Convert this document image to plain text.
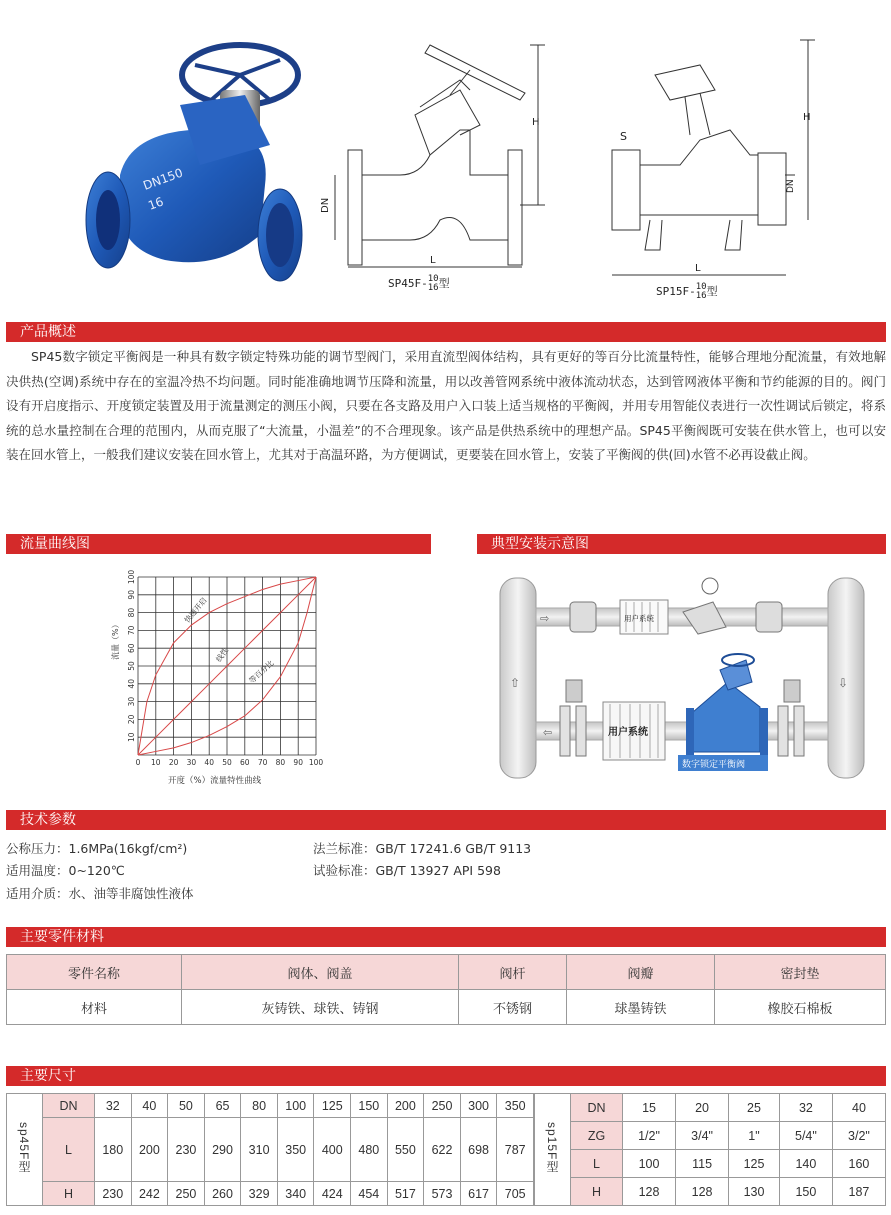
DN150
16
H
DN
L
SP45F-10
16型
H
S
L
DN
SP15F-10
16型
产品概述
SP45数字锁定平衡阀是一种具有数字锁定特殊功能的调节型阀门，采用直流型阀体结构，具有更好的等百分比流量特性，能够合理地分配流量，有效地解决供热(空调)系统中存在的室温冷热不均问题。同时能准确地调节压降和流量，用以改善管网系统中液体流动状态，达到管网液体平衡和节约能源的目的。阀门设有开启度指示、开度锁定装置及用于流量测定的测压小阀，只要在各支路及用户入口装上适当规格的平衡阀，并用专用智能仪表进行一次性调试后锁定，将系统的总水量控制在合理的范围内，从而克服了“大流量，小温差”的不合理现象。该产品是供热系统中的理想产品。SP45平衡阀既可安装在供水管上，也可以安装在回水管上，一般我们建议安装在回水管上，尤其对于高温环路，为方便调试，更要装在回水管上，安装了平衡阀的供(回)水管不必再设截止阀。
流量曲线图
0 10 20 30 40 50 60 70 80 90 100
10
20
30
40
50
60
70
80
90
100
快速开启
线性
等百分比
流量（%）
开度（%）流量特性曲线
典型安装示意图
⇨
⇧	⇩
⇦
用户系统
用户系统
数字锁定平衡阀
技术参数
公称压力：1.6MPa(16kgf/cm²)
适用温度：0~120℃
适用介质：水、油等非腐蚀性液体
法兰标准：GB/T 17241.6 GB/T 9113
试验标准：GB/T 13927 API 598
主要零件材料
零件名称	阀体、阀盖	阀杆	阀瓣	密封垫
材料	灰铸铁、球铁、铸钢	不锈钢	球墨铸铁	橡胶石棉板
主要尺寸
sp45F型	DN	32	40	50	65	80	100	125	150	200	250	300	350
	L	180	200	230	290	310	350	400	480	550	622	698	787
	H	230	242	250	260	329	340	424	454	517	573	617	705
sp15F型	DN	15	20	25	32	40
	ZG	1/2"	3/4"	1"	5/4"	3/2"
	L	100	115	125	140	160
	H	128	128	130	150	187
